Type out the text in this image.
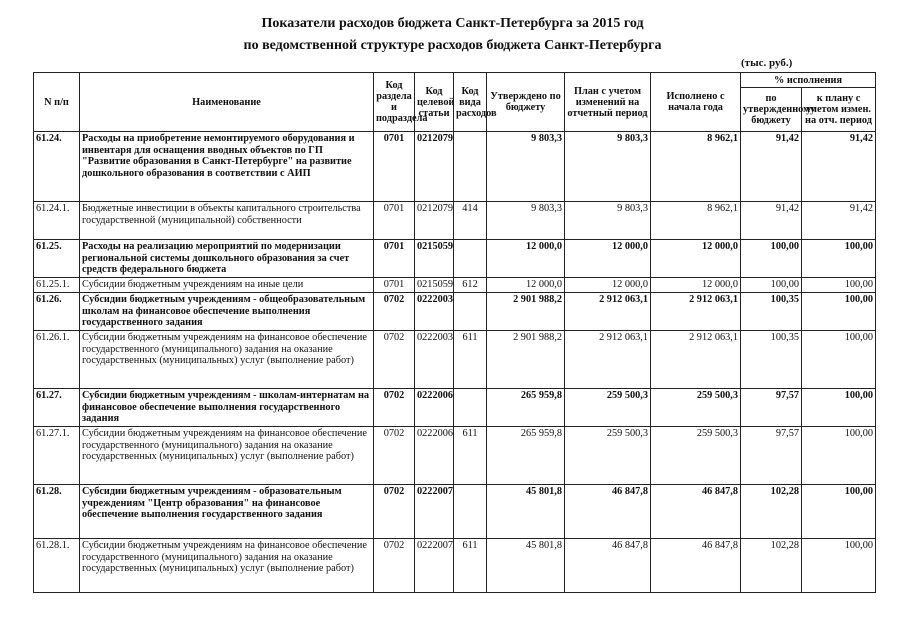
Показатели расходов бюджета Санкт-Петербурга за 2015 год
по ведомственной структуре расходов бюджета Санкт-Петербурга
(тыс. руб.)
N п/п	Наименование	Код раздела и подраздела	Код целевой статьи	Код вида расходов	Утверждено по бюджету	План с учетом изменений на отчетный период	Исполнено с начала года	% исполнения	
								по утвержденному бюджету	к плану с учетом измен. на отч. период
61.24.	Расходы на приобретение немонтируемого оборудования и инвентаря для оснащения вводных объектов по ГП "Развитие образования в Санкт-Петербурге" на развитие дошкольного образования в соответствии с АИП	0701	0212079		9 803,3	9 803,3	8 962,1	91,42	91,42
61.24.1.	Бюджетные инвестиции в объекты капитального строительства государственной (муниципальной) собственности	0701	0212079	414	9 803,3	9 803,3	8 962,1	91,42	91,42
61.25.	Расходы на реализацию мероприятий по модернизации региональной системы дошкольного образования за счет средств федерального бюджета	0701	0215059		12 000,0	12 000,0	12 000,0	100,00	100,00
61.25.1.	Субсидии бюджетным учреждениям на иные цели	0701	0215059	612	12 000,0	12 000,0	12 000,0	100,00	100,00
61.26.	Субсидии бюджетным учреждениям - общеобразовательным школам на финансовое обеспечение выполнения государственного задания	0702	0222003		2 901 988,2	2 912 063,1	2 912 063,1	100,35	100,00
61.26.1.	Субсидии бюджетным учреждениям на финансовое обеспечение государственного (муниципального) задания на оказание государственных (муниципальных) услуг (выполнение работ)	0702	0222003	611	2 901 988,2	2 912 063,1	2 912 063,1	100,35	100,00
61.27.	Субсидии бюджетным учреждениям - школам-интернатам на финансовое обеспечение выполнения государственного задания	0702	0222006		265 959,8	259 500,3	259 500,3	97,57	100,00
61.27.1.	Субсидии бюджетным учреждениям на финансовое обеспечение государственного (муниципального) задания на оказание государственных (муниципальных) услуг (выполнение работ)	0702	0222006	611	265 959,8	259 500,3	259 500,3	97,57	100,00
61.28.	Субсидии бюджетным учреждениям - образовательным учреждениям "Центр образования" на финансовое обеспечение выполнения государственного задания	0702	0222007		45 801,8	46 847,8	46 847,8	102,28	100,00
61.28.1.	Субсидии бюджетным учреждениям на финансовое обеспечение государственного (муниципального) задания на оказание государственных (муниципальных) услуг (выполнение работ)	0702	0222007	611	45 801,8	46 847,8	46 847,8	102,28	100,00
